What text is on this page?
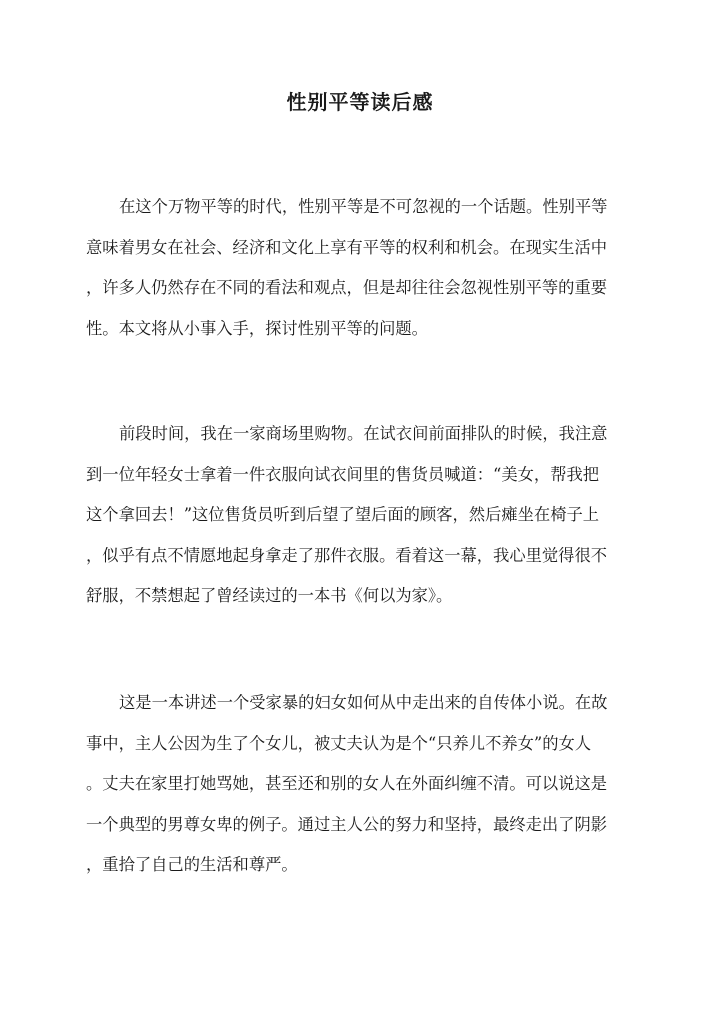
性别平等读后感
在这个万物平等的时代，性别平等是不可忽视的一个话题。性别平等
意味着男女在社会、经济和文化上享有平等的权利和机会。在现实生活中
，许多人仍然存在不同的看法和观点，但是却往往会忽视性别平等的重要
性。本文将从小事入手，探讨性别平等的问题。
前段时间，我在一家商场里购物。在试衣间前面排队的时候，我注意
到一位年轻女士拿着一件衣服向试衣间里的售货员喊道：“美女，帮我把
这个拿回去！”这位售货员听到后望了望后面的顾客，然后瘫坐在椅子上
，似乎有点不情愿地起身拿走了那件衣服。看着这一幕，我心里觉得很不
舒服，不禁想起了曾经读过的一本书《何以为家》。
这是一本讲述一个受家暴的妇女如何从中走出来的自传体小说。在故
事中，主人公因为生了个女儿，被丈夫认为是个“只养儿不养女”的女人
。丈夫在家里打她骂她，甚至还和别的女人在外面纠缠不清。可以说这是
一个典型的男尊女卑的例子。通过主人公的努力和坚持，最终走出了阴影
，重拾了自己的生活和尊严。
